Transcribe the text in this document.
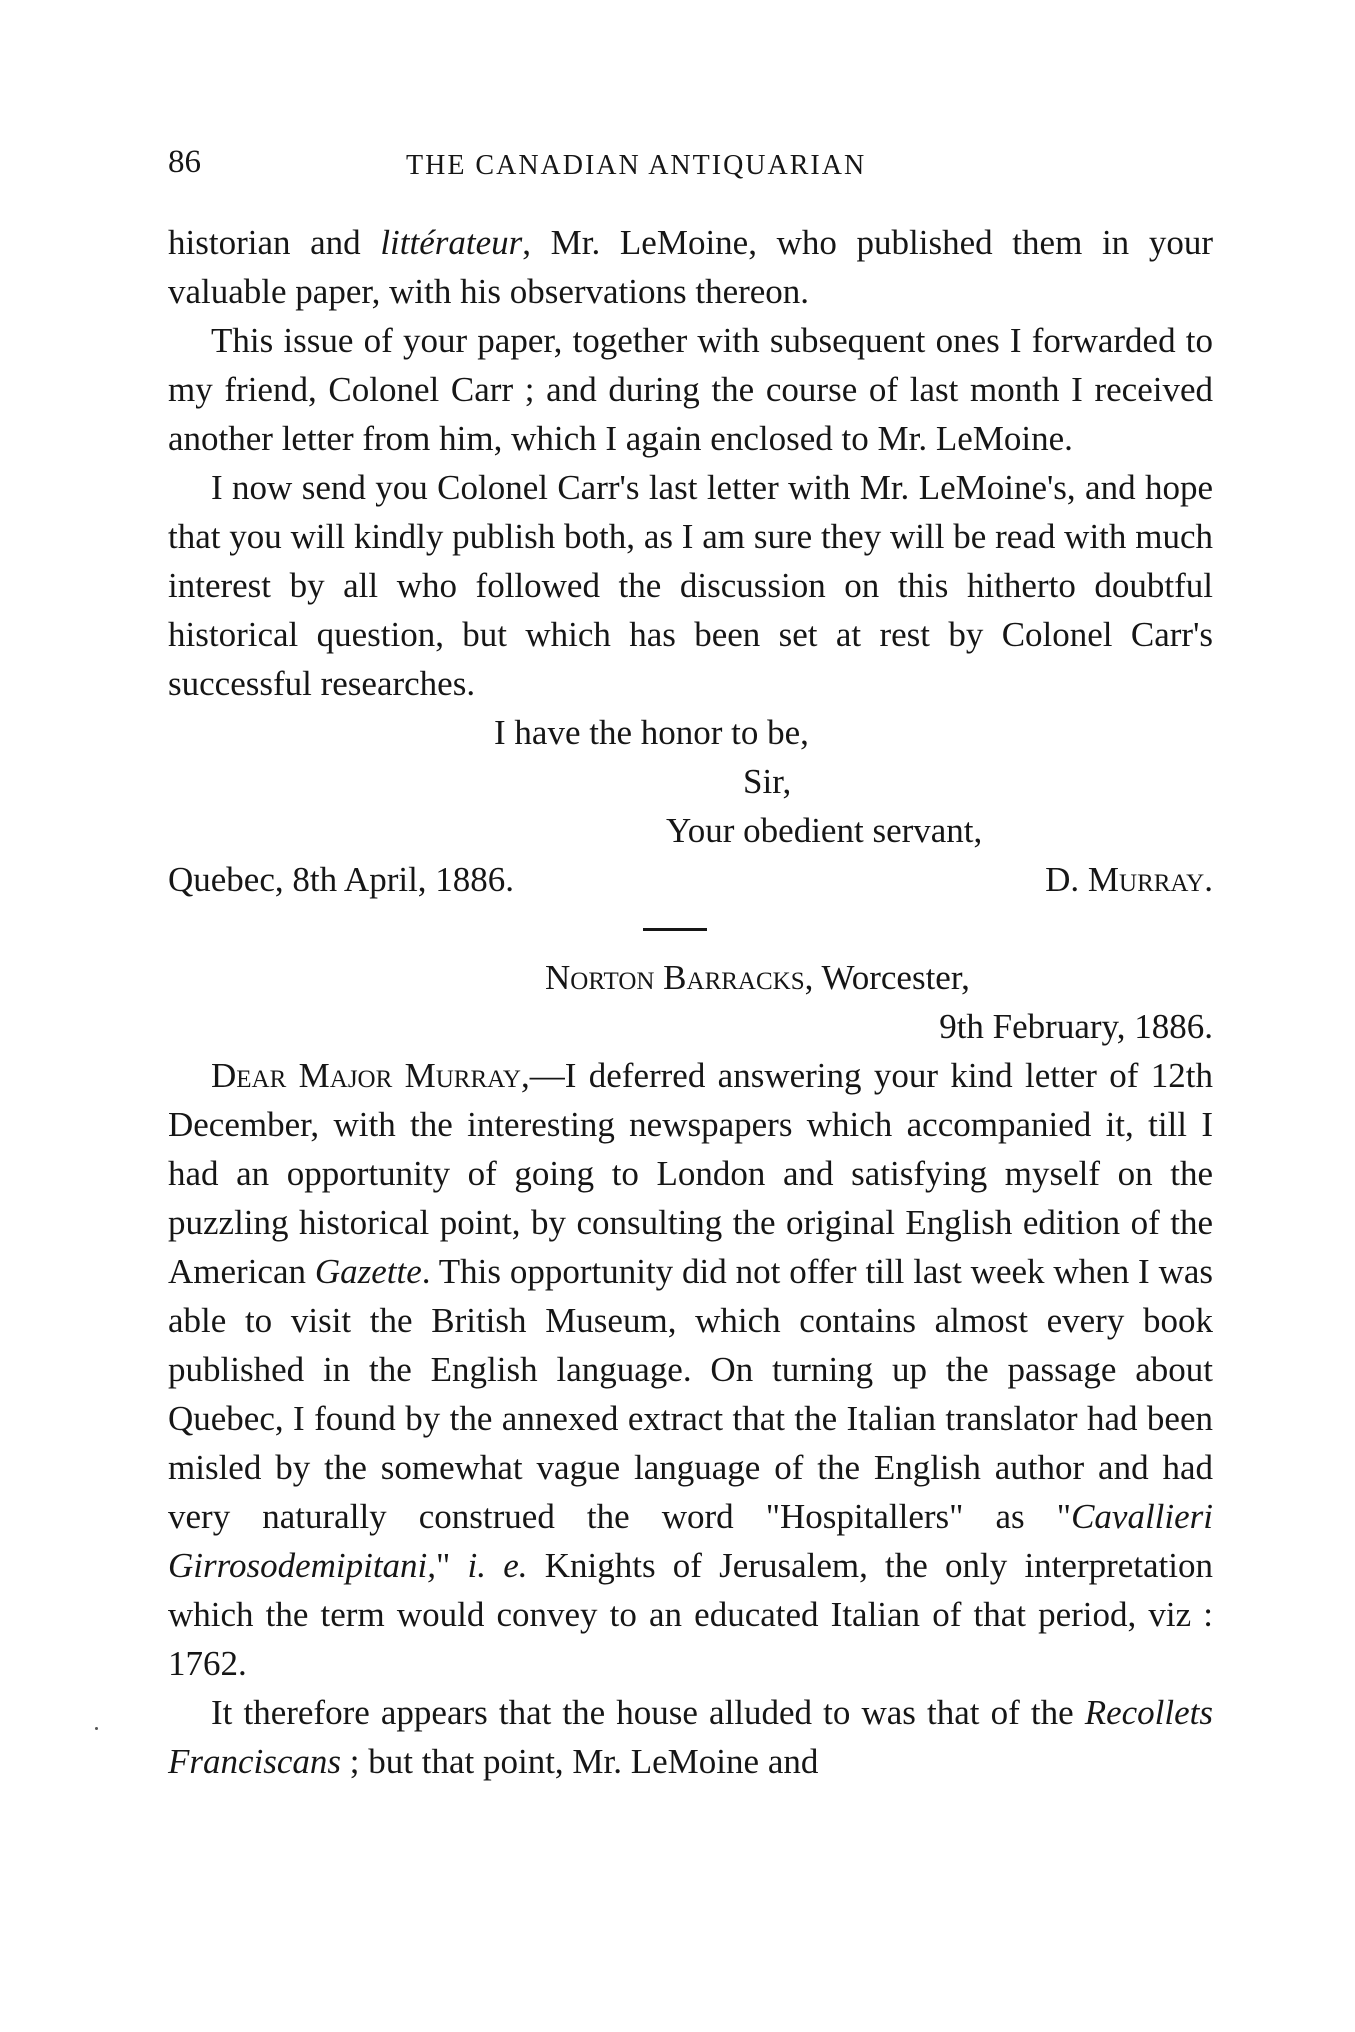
86	THE CANADIAN ANTIQUARIAN

historian and littérateur, Mr. LeMoine, who published them in your valuable paper, with his observations thereon.

This issue of your paper, together with subsequent ones I forwarded to my friend, Colonel Carr ; and during the course of last month I received another letter from him, which I again enclosed to Mr. LeMoine.

I now send you Colonel Carr's last letter with Mr. LeMoine's, and hope that you will kindly publish both, as I am sure they will be read with much interest by all who followed the discussion on this hitherto doubtful historical question, but which has been set at rest by Colonel Carr's successful researches.

I have the honor to be,
Sir,
Your obedient servant,
Quebec, 8th April, 1886.	D. Murray.
Norton Barracks, Worcester,
9th February, 1886.

Dear Major Murray,—I deferred answering your kind letter of 12th December, with the interesting newspapers which accompanied it, till I had an opportunity of going to London and satisfying myself on the puzzling historical point, by consulting the original English edition of the American Gazette. This opportunity did not offer till last week when I was able to visit the British Museum, which contains almost every book published in the English language. On turning up the passage about Quebec, I found by the annexed extract that the Italian translator had been misled by the somewhat vague language of the English author and had very naturally construed the word "Hospitallers" as "Cavallieri Girrosodemipitani," i. e. Knights of Jerusalem, the only interpretation which the term would convey to an educated Italian of that period, viz : 1762.

It therefore appears that the house alluded to was that of the Recollets Franciscans ; but that point, Mr. LeMoine and
